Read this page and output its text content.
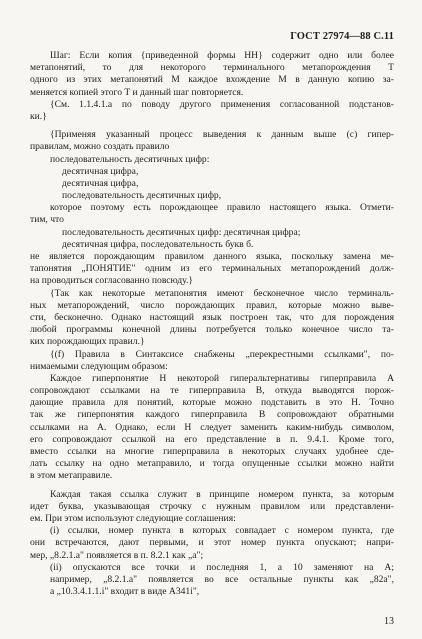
ГОСТ 27974—88 С.11
Шаг: Если копия {приведенной формы НН} содержит одно или более
метапонятий, то для некоторого терминального метапорождения T
одного из этих метапонятий М каждое вхождение М в данную копию за-
меняется копией этого T и данный шаг повторяется.
{См. 1.1.4.1.а по поводу другого применения согласованной подстанов-
ки.}
{Применяя указанный процесс выведения к данным выше (с) гипер-
правилам, можно создать правило
последовательность десятичных цифр:
десятичная цифра,
десятичная цифра,
последовательность десятичных цифр,
которое поэтому есть порождающее правило настоящего языка. Отмети-
тим, что
последовательность десятичных цифр: десятичная цифра;
десятичная цифра, последовательность букв б.
не является порождающим правилом данного языка, поскольку замена ме-
тапонятия „ПОНЯТИЕ" одним из его терминальных метапорождений долж-
на проводиться согласованно повсюду.}
{Так как некоторые метапонятия имеют бесконечное число терминаль-
ных метапорождений, число порождающих правил, которые можно выве-
сти, бесконечно. Однако настоящий язык построен так, что для порождения
любой программы конечной длины потребуется только конечное число та-
ких порождающих правил.}
{(f) Правила в Синтаксисе снабжены „перекрестными ссылками", по-
нимаемыми следующим образом:
Каждое гиперпонятие Н некоторой гиперальтернативы гиперправила А
сопровождают ссылками на те гиперправила В, откуда выводятся порож-
дающие правила для понятий, которые можно подставить в это Н. Точно
так же гиперпонятия каждого гиперправила В сопровождают обратными
ссылками на А. Однако, если Н следует заменить каким-нибудь символом,
его сопровождают ссылкой на его представление в п. 9.4.1. Кроме того,
вместо ссылки на многие гиперправила в некоторых случаях удобнее сде-
лать ссылку на одно метаправило, и тогда опущенные ссылки можно найти
в этом метаправиле.
Каждая такая ссылка служит в принципе номером пункта, за которым
идет буква, указывающая строчку с нужным правилом или представлени-
ем. При этом используют следующие соглашения:
(i) ссылки, номер пункта в которых совпадает с номером пункта, где
они встречаются, дают первыми, и этот номер пункта опускают; напри-
мер, „8.2.1.а" появляется в п. 8.2.1 как „а";
(ii) опускаются все точки и последняя 1, а 10 заменяют на А;
например, „8.2.1.а" появляется во все остальные пункты как „82а",
а „10.3.4.1.1.i" входит в виде A341i",
13
